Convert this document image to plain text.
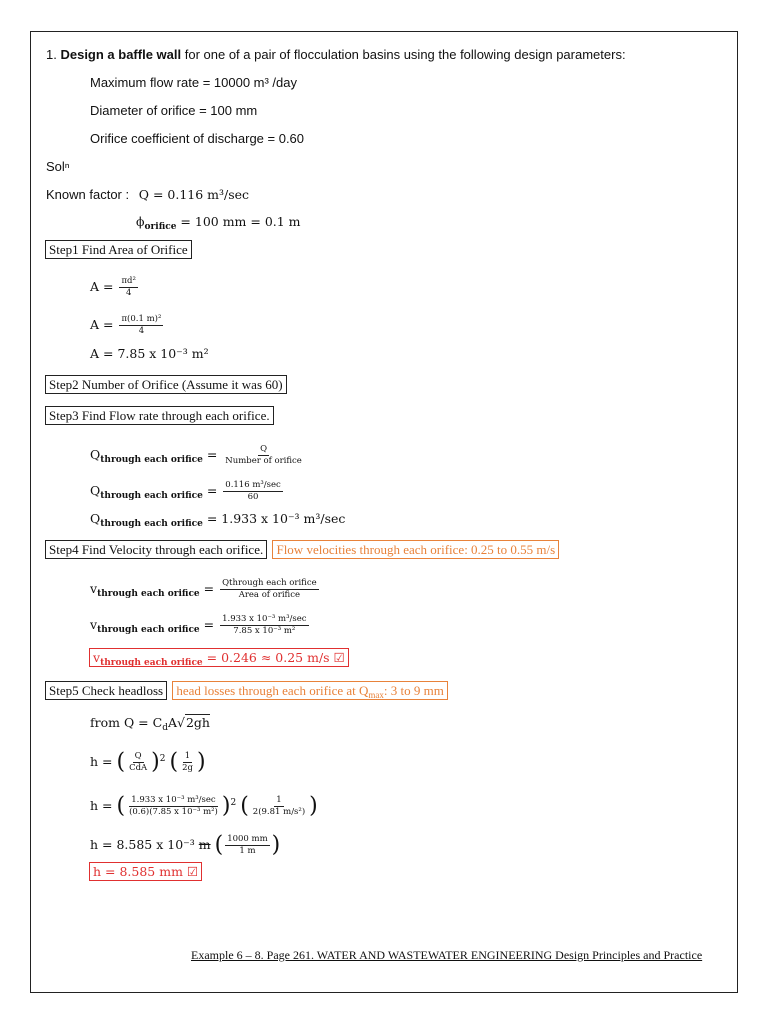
1. Design a baffle wall for one of a pair of flocculation basins using the following design parameters:
Maximum flow rate = 10000 m³ /day
Diameter of orifice = 100 mm
Orifice coefficient of discharge = 0.60
Solⁿ
Known factor : Q = 0.116 m³/sec
$\phi_{orifice} = 100$ mm = 0.1 m
Step1 Find Area of Orifice
$A = \frac{\text{πd²}}{4}$
$A = \frac{\text{π(0.1 m)²}}{4}$
A = 7.85 x 10⁻³ m²
Step2 Number of Orifice (Assume it was 60)
Step3 Find Flow rate through each orifice.
$Q_{through each orifice} = \frac{Q}{\text{Number of orifice}}$
$Q_{through each orifice} = \frac{\text{0.116 m³/sec}}{60}$
$Q_{through each orifice} = 1.933$ x 10⁻³ m³/sec
Step4 Find Velocity through each orifice. Flow velocities through each orifice: 0.25 to 0.55 m/s
$v_{through each orifice} = \frac{\text{Qthrough each orifice}}{\text{Area of orifice}}$
$v_{through each orifice} = \frac{\text{1.933 x 10⁻³ m³/sec}}{\text{7.85 x 10⁻³ m²}}$
$v_{through each orifice} = 0.246 \approx 0.25$ m/s ☑
Step5 Check headloss head losses through each orifice at $Q_{max}$: 3 to 9 mm
from $Q = C_dA√2gh$
h = ( $\frac{Q}{\text{CdA}} )^2$ ( $\frac{1}{2g}$ )
h = ( $\frac{\text{1.933 x 10⁻³ m³/sec}}{\text{(0.6)(7.85 x 10⁻³ m²)}} )^2$ ( $\frac{1}{\text{2(9.81 m/s²)}}$ )
h = 8.585 x 10⁻³ m ( $\frac{1000 mm}{1 m}$ )
h = 8.585 mm ☑
Example 6 – 8. Page 261. WATER AND WASTEWATER ENGINEERING Design Principles and Practice
